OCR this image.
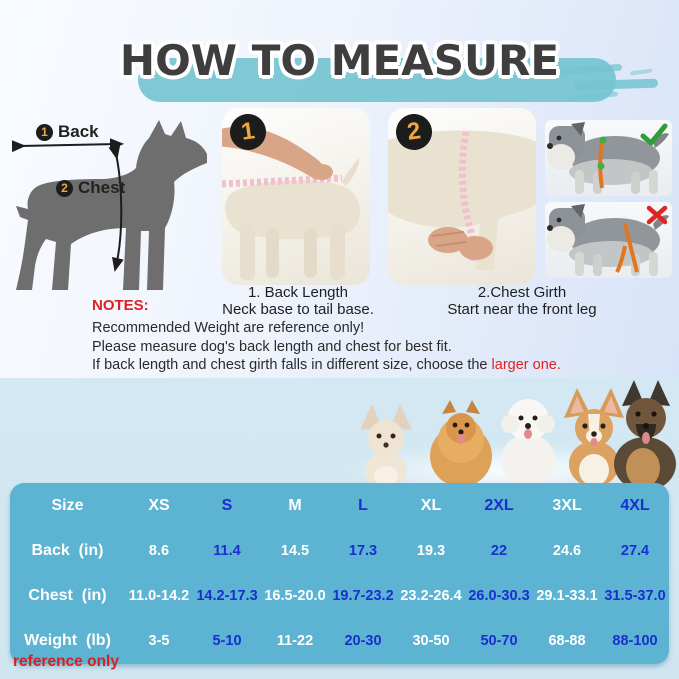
HOW TO MEASURE
1 Back
2 Chest
1	2
1. Back Length
Neck base to tail base.
2.Chest Girth
Start near the front leg
NOTES:
Recommended Weight are reference only!
Please measure dog's back length and chest for best fit.
If back length and chest girth falls in different size, choose the larger one.
Size	XS	S	M	L	XL	2XL	3XL	4XL
Back  (in)	8.6	11.4	14.5	17.3	19.3	22	24.6	27.4
Chest  (in)	11.0-14.2 14.2-17.3 16.5-20.0 19.7-23.2 23.2-26.4 26.0-30.3 29.1-33.1 31.5-37.0
Weight  (lb)	3-5	5-10	11-22	20-30	30-50	50-70	68-88	88-100
reference only
